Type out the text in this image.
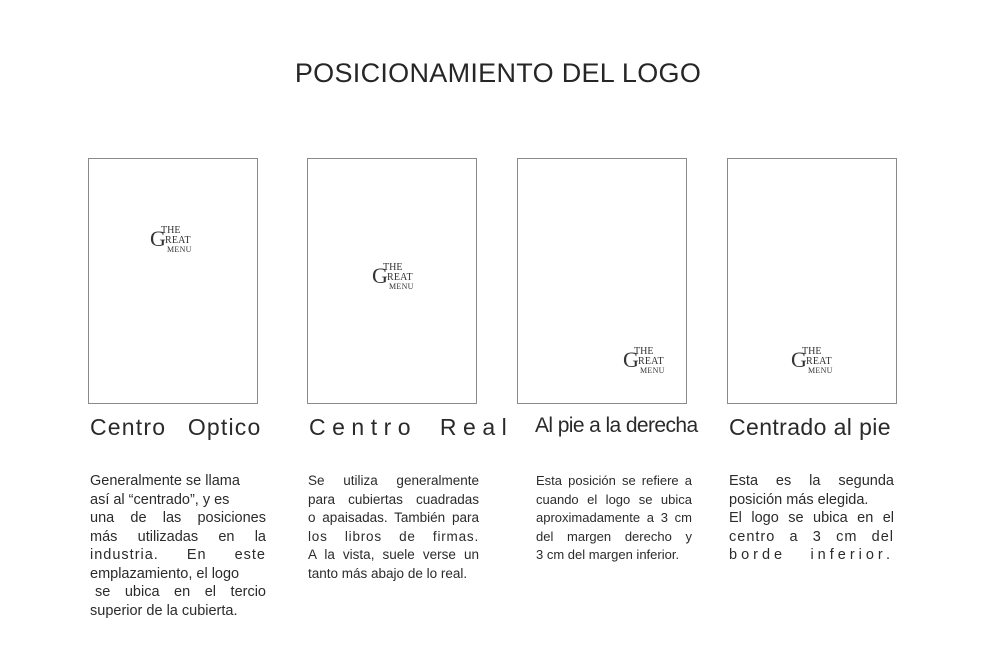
POSICIONAMIENTO DEL LOGO
G
THE
REAT
MENU
Centro Optico
Generalmente se llama
así al “centrado”, y es
una de las posiciones
más utilizadas en la
industria. En este
emplazamiento, el logo
se ubica en el tercio
superior de la cubierta.
G
THE
REAT
MENU
Centro Real
Se utiliza generalmente
para cubiertas cuadradas
o apaisadas. También para
los libros de firmas.
A la vista, suele verse un
tanto más abajo de lo real.
G
THE
REAT
MENU
Al pie a la derecha
Esta posición se refiere a
cuando el logo se ubica
aproximadamente a 3 cm
del margen derecho y
3 cm del margen inferior.
G
THE
REAT
MENU
Centrado al pie
Esta es la segunda
posición más elegida.
El logo se ubica en el
centro a 3 cm del
borde inferior.
